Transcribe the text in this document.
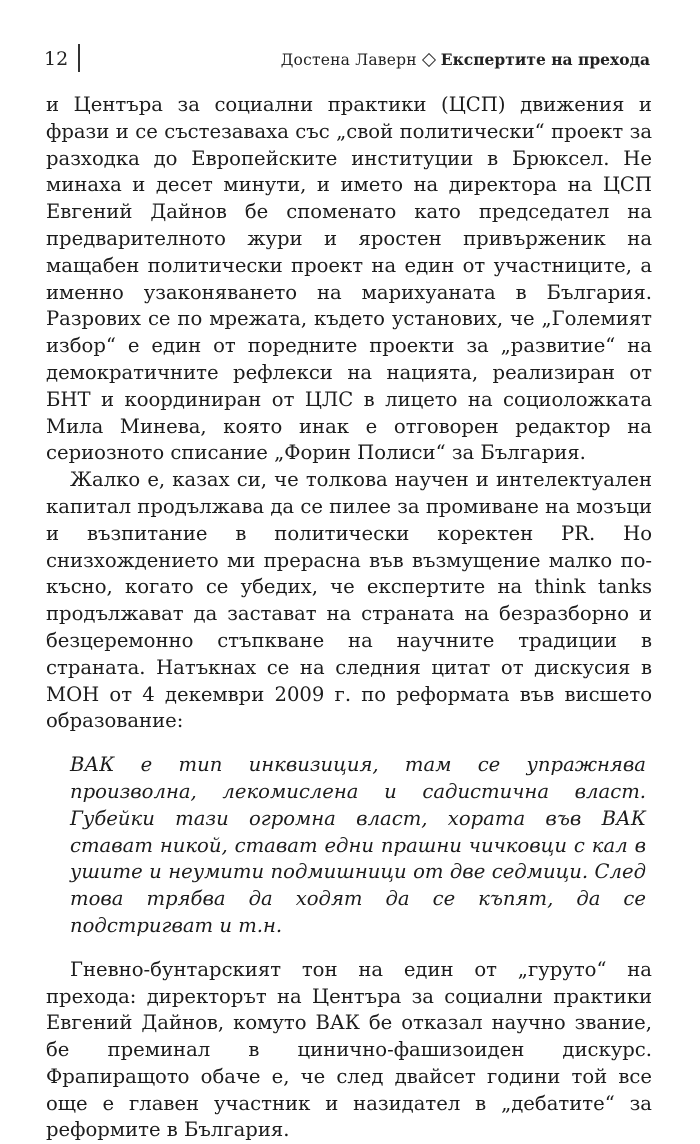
12	Достена Лаверн Експертите на прехода

и Центъра за социални практики (ЦСП) движения и фрази и се състезаваха със „свой политически“ проект за разходка до Европейските институции в Брюксел. Не минаха и десет минути, и името на директора на ЦСП Евгений Дайнов бе споменато като председател на предварителното жури и яростен привърженик на мащабен политически проект на един от участниците, а именно узаконяването на марихуаната в България. Разрових се по мрежата, където установих, че „Големият избор“ е един от поредните проекти за „развитие“ на демократичните рефлекси на нацията, реализиран от БНТ и координиран от ЦЛС в лицето на социоложката Мила Минева, която инак е отговорен редактор на сериозното списание „Форин Полиси“ за България.

Жалко е, казах си, че толкова научен и интелектуален капитал продължава да се пилее за промиване на мозъци и възпитание в политически коректен PR. Но снизхождението ми прерасна във възмущение малко по-късно, когато се убедих, че експертите на think tanks продължават да застават на страната на безразборно и безцеремонно стъпкване на научните традиции в страната. Натъкнах се на следния цитат от дискусия в МОН от 4 декември 2009 г. по реформата във висшето образование:

ВАК е тип инквизиция, там се упражнява произволна, лекомислена и садистична власт. Губейки тази огромна власт, хората във ВАК стават никой, стават едни прашни чичковци с кал в ушите и неумити подмишници от две седмици. След това трябва да ходят да се къпят, да се подстригват и т.н.

Гневно-бунтарският тон на един от „гуруто“ на прехода: директорът на Центъра за социални практики Евгений Дайнов, комуто ВАК бе отказал научно звание, бе преминал в цинично-фашизоиден дискурс. Фрапиращото обаче е, че след двайсет години той все още е главен участник и назидател в „дебатите“ за реформите в България.
